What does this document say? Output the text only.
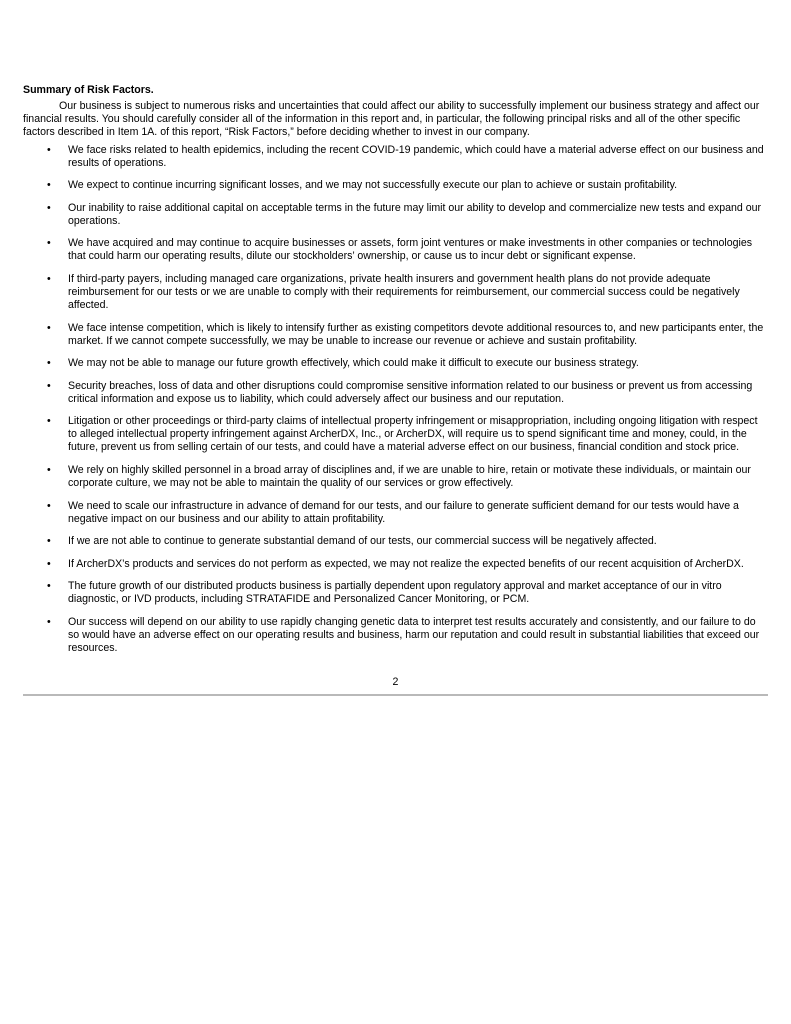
Summary of Risk Factors.

Our business is subject to numerous risks and uncertainties that could affect our ability to successfully implement our business strategy and affect our financial results. You should carefully consider all of the information in this report and, in particular, the following principal risks and all of the other specific factors described in Item 1A. of this report, “Risk Factors,” before deciding whether to invest in our company.

• We face risks related to health epidemics, including the recent COVID-19 pandemic, which could have a material adverse effect on our business and results of operations.
• We expect to continue incurring significant losses, and we may not successfully execute our plan to achieve or sustain profitability.
• Our inability to raise additional capital on acceptable terms in the future may limit our ability to develop and commercialize new tests and expand our operations.
• We have acquired and may continue to acquire businesses or assets, form joint ventures or make investments in other companies or technologies that could harm our operating results, dilute our stockholders’ ownership, or cause us to incur debt or significant expense.
• If third-party payers, including managed care organizations, private health insurers and government health plans do not provide adequate reimbursement for our tests or we are unable to comply with their requirements for reimbursement, our commercial success could be negatively affected.
• We face intense competition, which is likely to intensify further as existing competitors devote additional resources to, and new participants enter, the market. If we cannot compete successfully, we may be unable to increase our revenue or achieve and sustain profitability.
• We may not be able to manage our future growth effectively, which could make it difficult to execute our business strategy.
• Security breaches, loss of data and other disruptions could compromise sensitive information related to our business or prevent us from accessing critical information and expose us to liability, which could adversely affect our business and our reputation.
• Litigation or other proceedings or third-party claims of intellectual property infringement or misappropriation, including ongoing litigation with respect to alleged intellectual property infringement against ArcherDX, Inc., or ArcherDX, will require us to spend significant time and money, could, in the future, prevent us from selling certain of our tests, and could have a material adverse effect on our business, financial condition and stock price.
• We rely on highly skilled personnel in a broad array of disciplines and, if we are unable to hire, retain or motivate these individuals, or maintain our corporate culture, we may not be able to maintain the quality of our services or grow effectively.
• We need to scale our infrastructure in advance of demand for our tests, and our failure to generate sufficient demand for our tests would have a negative impact on our business and our ability to attain profitability.
• If we are not able to continue to generate substantial demand of our tests, our commercial success will be negatively affected.
• If ArcherDX’s products and services do not perform as expected, we may not realize the expected benefits of our recent acquisition of ArcherDX.
• The future growth of our distributed products business is partially dependent upon regulatory approval and market acceptance of our in vitro diagnostic, or IVD products, including STRATAFIDE and Personalized Cancer Monitoring, or PCM.
• Our success will depend on our ability to use rapidly changing genetic data to interpret test results accurately and consistently, and our failure to do so would have an adverse effect on our operating results and business, harm our reputation and could result in substantial liabilities that exceed our resources.
2
